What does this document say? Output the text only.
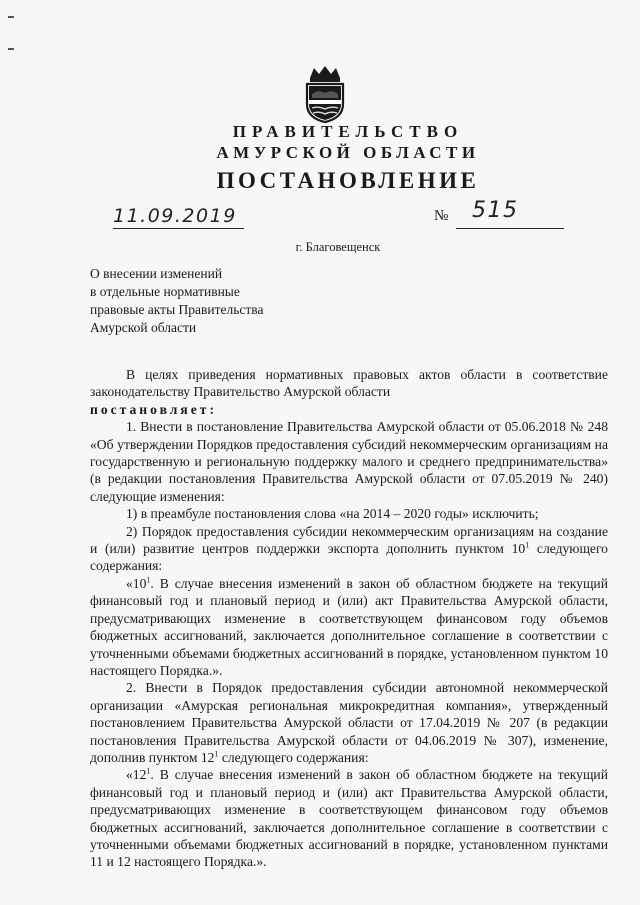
ПРАВИТЕЛЬСТВО
АМУРСКОЙ ОБЛАСТИ
ПОСТАНОВЛЕНИЕ
11.09.2019	№ 515
г. Благовещенск
О внесении изменений
в отдельные нормативные
правовые акты Правительства
Амурской области

В целях приведения нормативных правовых актов области в соответствие законодательству Правительство Амурской области

постановляет:

1. Внести в постановление Правительства Амурской области от 05.06.2018 № 248 «Об утверждении Порядков предоставления субсидий некоммерческим организациям на государственную и региональную поддержку малого и среднего предпринимательства» (в редакции постановления Правительства Амурской области от 07.05.2019 № 240) следующие изменения:

1) в преамбуле постановления слова «на 2014 – 2020 годы» исключить;

2) Порядок предоставления субсидии некоммерческим организациям на создание и (или) развитие центров поддержки экспорта дополнить пунктом $10^1$ следующего содержания:

«$10^1$. В случае внесения изменений в закон об областном бюджете на текущий финансовый год и плановый период и (или) акт Правительства Амурской области, предусматривающих изменение в соответствующем финансовом году объемов бюджетных ассигнований, заключается дополнительное соглашение в соответствии с уточненными объемами бюджетных ассигнований в порядке, установленном пунктом 10 настоящего Порядка.».

2. Внести в Порядок предоставления субсидии автономной некоммерческой организации «Амурская региональная микрокредитная компания», утвержденный постановлением Правительства Амурской области от 17.04.2019 № 207 (в редакции постановления Правительства Амурской области от 04.06.2019 № 307), изменение, дополнив пунктом $12^1$ следующего содержания:

«$12^1$. В случае внесения изменений в закон об областном бюджете на текущий финансовый год и плановый период и (или) акт Правительства Амурской области, предусматривающих изменение в соответствующем финансовом году объемов бюджетных ассигнований, заключается дополнительное соглашение в соответствии с уточненными объемами бюджетных ассигнований в порядке, установленном пунктами 11 и 12 настоящего Порядка.».
